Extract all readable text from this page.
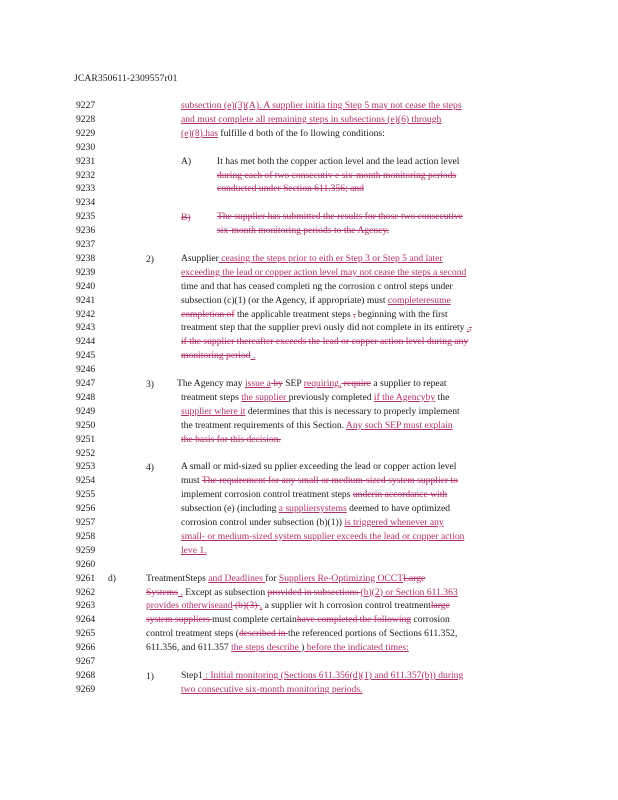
JCAR350611-2309557r01
9227
9228
9229
9230
9231
9232
9233
9234
9235
9236
9237
9238
9239
9240
9241
9242
9243
9244
9245
9246
9247
9248
9249
9250
9251
9252
9253
9254
9255
9256
9257
9258
9259
9260
9261
9262
9263
9264
9265
9266
9267
9268
9269
subsection (e)(3)(A). A supplier initia ting Step 5 may not cease the steps
and must complete all remaining steps in subsections (e)(6) through
(e)(8).has fulfille d both of the fo llowing conditions:
It has met both the copper action level and the lead action level
during each of two consecutiv e six-month monitoring periods
conducted under Section 611.356; and
The supplier has submitted the results for those two consecutive
six-month monitoring periods to the Agency.
Asupplier ceasing the steps prior to eith er Step 3 or Step 5 and later
exceeding the lead or copper action level may not cease the steps a second
time and that has ceased completi ng the corrosion c ontrol steps under
subsection (c)(1) (or the Agency, if appropriate) must completeresume
completion of the applicable treatment steps , beginning with the first
treatment step that the supplier previ ously did not complete in its entirety .,
if the supplier thereafter exceeds the lead or copper action level during any
monitoring period .
The Agency may issue a by SEP requiring, require a supplier to repeat
treatment steps the supplier previously completed if the Agencyby the
supplier where it determines that this is necessary to properly implement
the treatment requirements of this Section. Any such SEP must explain
the basis for this decision.
A small or mid-sized su pplier exceeding the lead or copper action level
must The requirement for any small or medium-sized system supplier to
implement corrosion control treatment steps underin accordance with
subsection (e) (including a suppliersystems deemed to have optimized
corrosion control under subsection (b)(1)) is triggered whenever any
small- or medium-sized system supplier exceeds the lead or copper action
leve 1.
TreatmentSteps and Deadlines for Suppliers Re-Optimizing OCCTLarge
Systems . Except as subsection provided in subsections (b)(2) or Section 611.363
provides otherwiseand (b)(3) , a supplier wit h corrosion control treatmentlarge
system suppliers must complete certainhave completed the following corrosion
control treatment steps (described in the referenced portions of Sections 611.352,
611.356, and 611.357 the steps describe ) before the indicated times:
Step1 : Initial monitoring (Sections 611.356(d)(1) and 611.357(b)) during
two consecutive six-month monitoring periods.
A)
B)
2)
3)
4)
d)
1)
